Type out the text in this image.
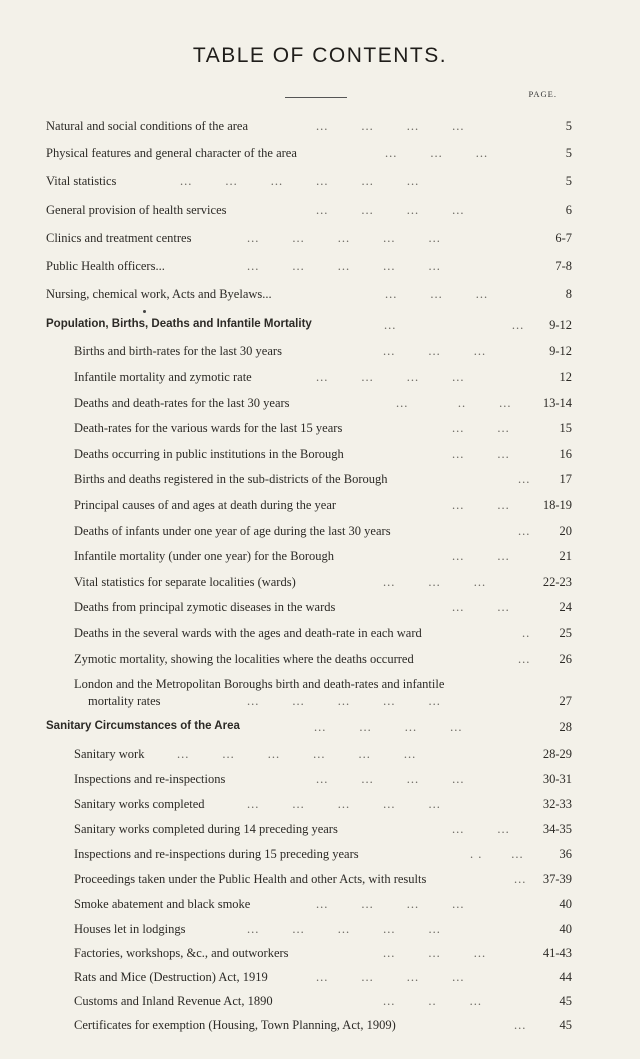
TABLE OF CONTENTS.
PAGE.
Natural and social conditions of the area	...        ...        ...        ...	5
Physical features and general character of the area	...        ...        ...	5
Vital statistics	...        ...        ...        ...        ...        ...	5
General provision of health services	...        ...        ...        ...	6
Clinics and treatment centres	...        ...        ...        ...        ...	6-7
Public Health officers...	...        ...        ...        ...        ...	7-8
Nursing, chemical work, Acts and Byelaws...	...        ...        ...	8
Population, Births, Deaths and Infantile Mortality	...                            ... 9-12
Births and birth-rates for the last 30 years	...        ...        ...	9-12
Infantile mortality and zymotic rate	...        ...        ...        ...	12
Deaths and death-rates for the last 30 years	...            ..        ...	13-14
Death-rates for the various wards for the last 15 years	...        ...	15
Deaths occurring in public institutions in the Borough	...        ...	16
Births and deaths registered in the sub-districts of the Borough	... 17
Principal causes of and ages at death during the year	...        ...	18-19
Deaths of infants under one year of age during the last 30 years	... 20
Infantile mortality (under one year) for the Borough	...        ...	21
Vital statistics for separate localities (wards)	...        ...        ...	22-23
Deaths from principal zymotic diseases in the wards	...        ...	24
Deaths in the several wards with the ages and death-rate in each ward	.. 25
Zymotic mortality, showing the localities where the deaths occurred	... 26
London and the Metropolitan Boroughs birth and death-rates and infantile
mortality rates	...        ...        ...        ...        ...	27
Sanitary Circumstances of the Area	...        ...        ...        ...	28
Sanitary work	...        ...        ...        ...        ...        ...	28-29
Inspections and re-inspections	...        ...        ...        ...	30-31
Sanitary works completed	...        ...        ...        ...        ...	32-33
Sanitary works completed during 14 preceding years	...        ...	34-35
Inspections and re-inspections during 15 preceding years	. .       ...	36
Proceedings taken under the Public Health and other Acts, with results	... 37-39
Smoke abatement and black smoke	...        ...        ...        ...	40
Houses let in lodgings	...        ...        ...        ...        ...	40
Factories, workshops, &c., and outworkers	...        ...        ...	41-43
Rats and Mice (Destruction) Act, 1919	...        ...        ...        ...	44
Customs and Inland Revenue Act, 1890	...        ..        ...	45
Certificates for exemption (Housing, Town Planning, Act, 1909)	...	45
